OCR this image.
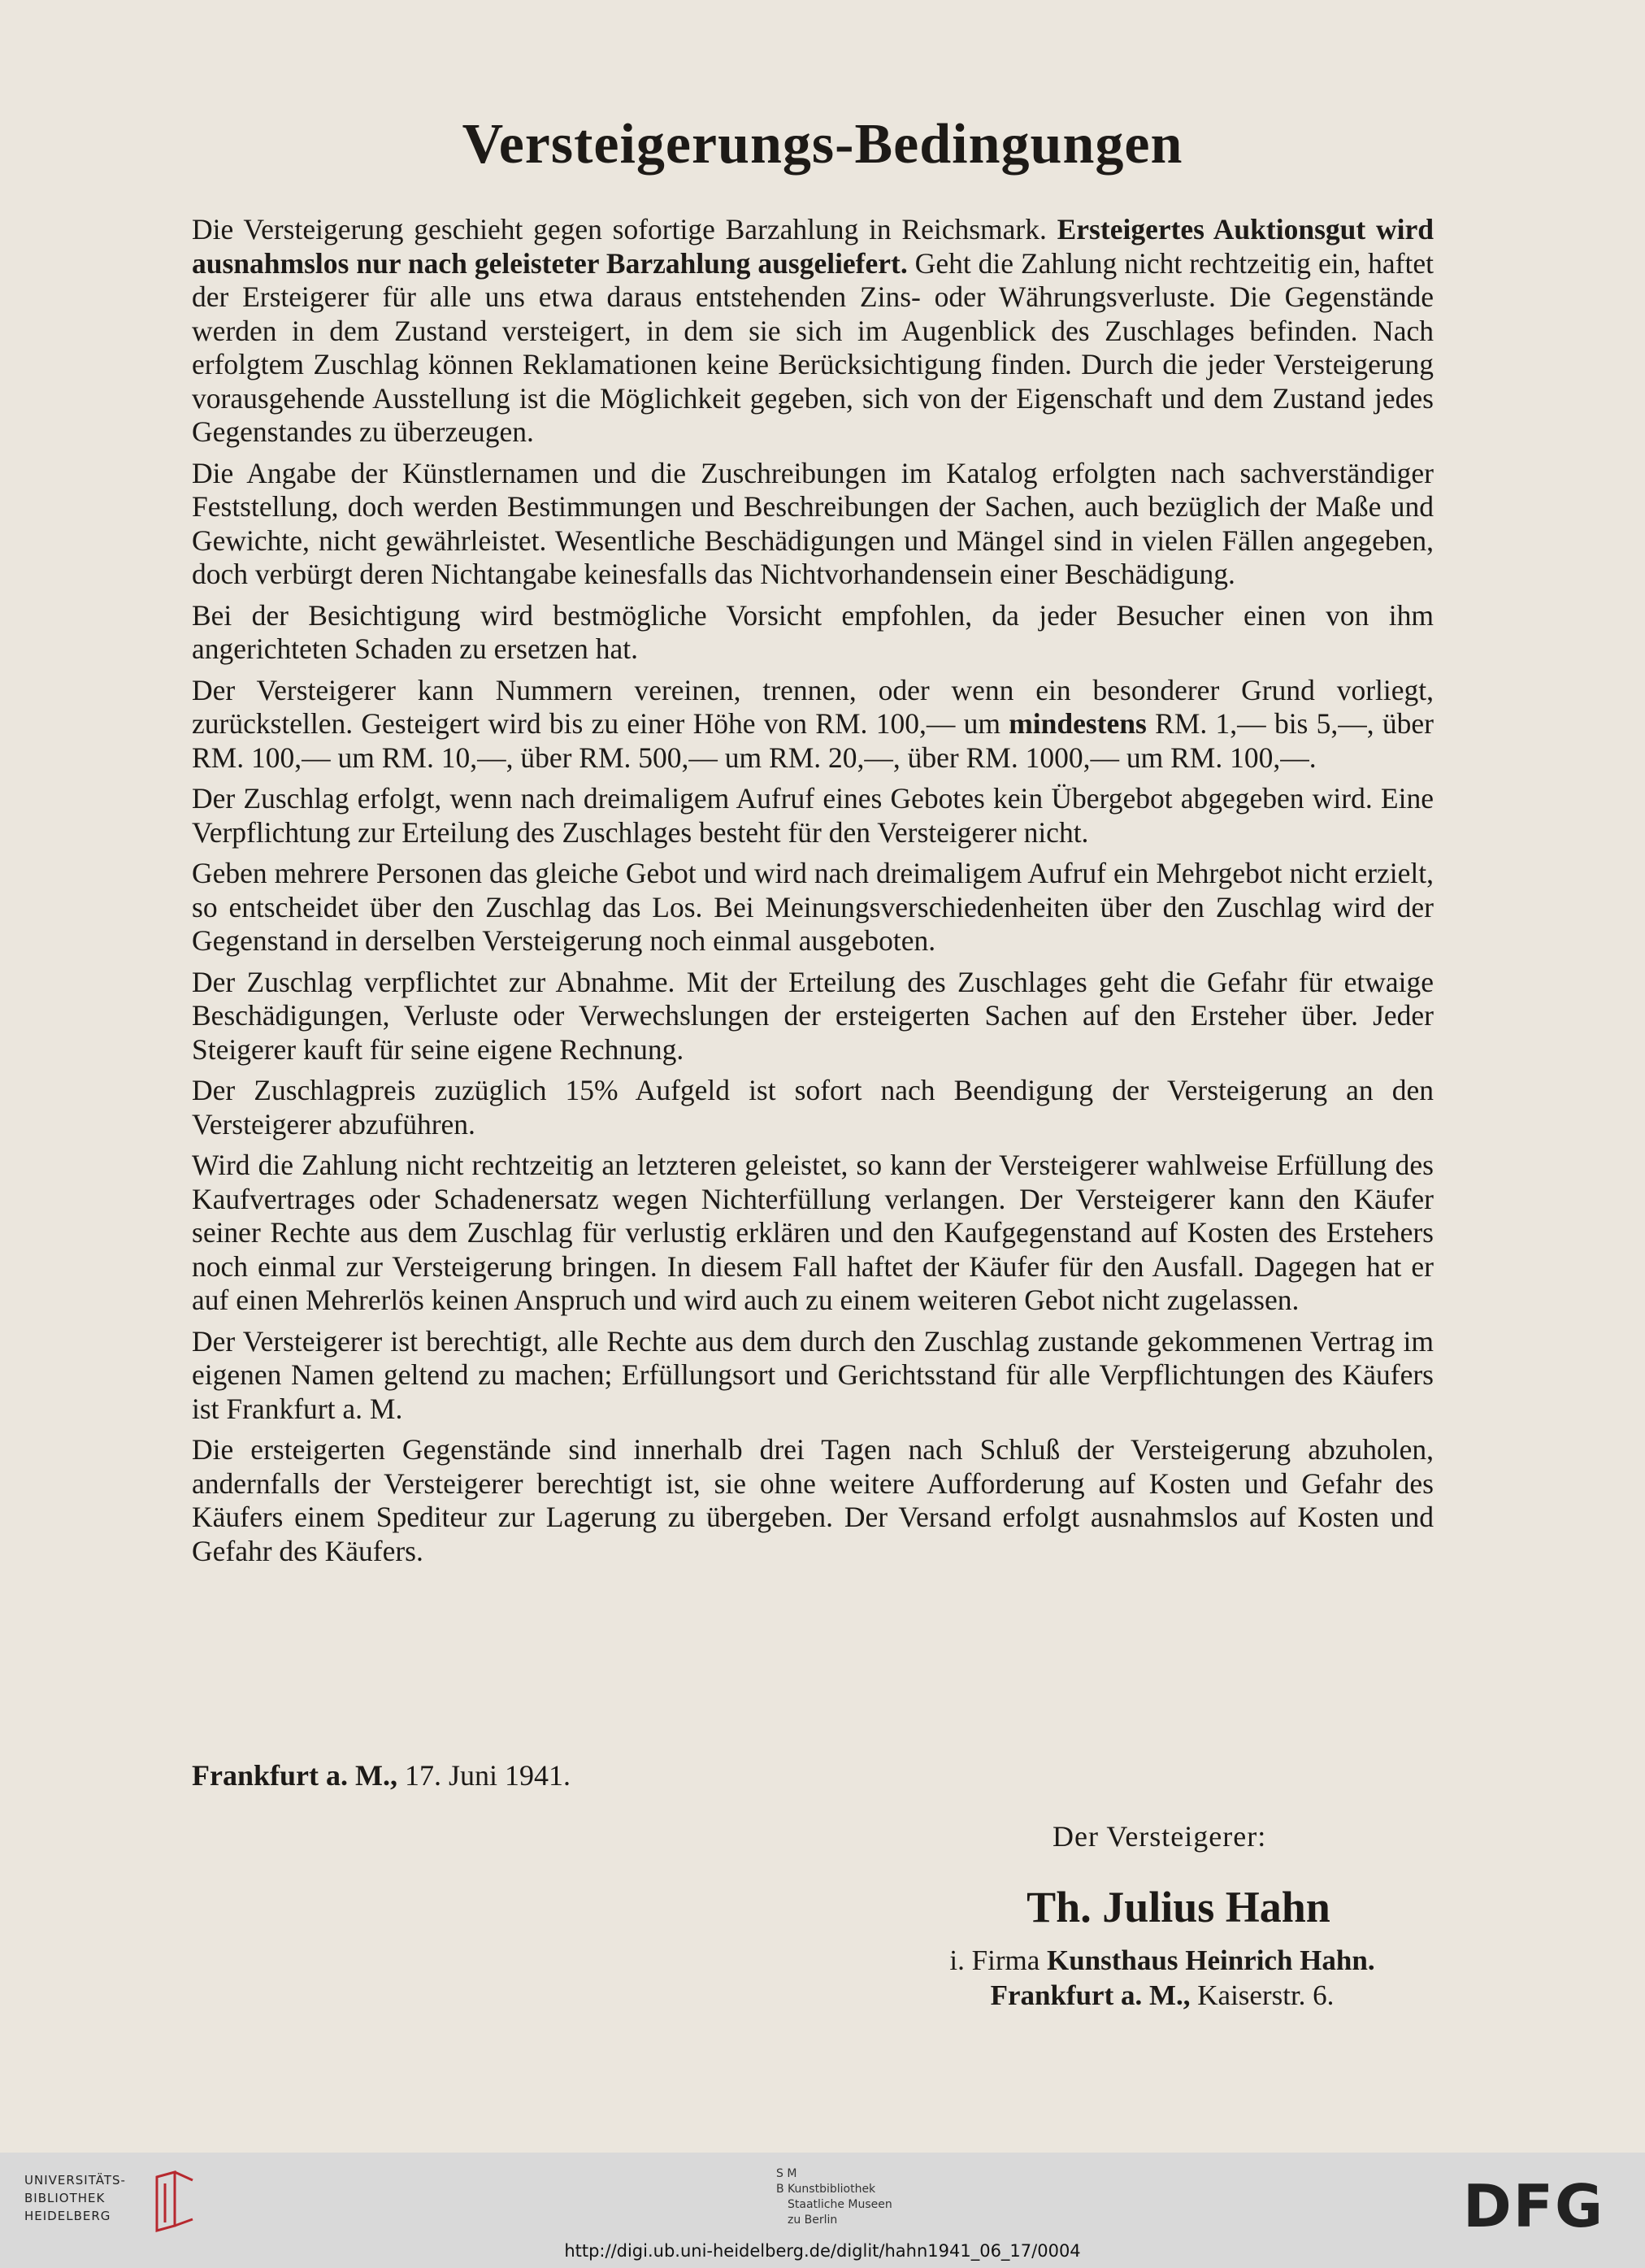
Versteigerungs-Bedingungen

Die Versteigerung geschieht gegen sofortige Barzahlung in Reichsmark. Ersteigertes Auktionsgut wird ausnahmslos nur nach geleisteter Barzahlung ausgeliefert. Geht die Zahlung nicht rechtzeitig ein, haftet der Ersteigerer für alle uns etwa daraus entstehenden Zins- oder Währungsverluste. Die Gegenstände werden in dem Zustand versteigert, in dem sie sich im Augenblick des Zuschlages befinden. Nach erfolgtem Zuschlag können Reklamationen keine Berücksichtigung finden. Durch die jeder Versteigerung vorausgehende Ausstellung ist die Möglichkeit gegeben, sich von der Eigenschaft und dem Zustand jedes Gegenstandes zu überzeugen.

Die Angabe der Künstlernamen und die Zuschreibungen im Katalog erfolgten nach sachverständiger Feststellung, doch werden Bestimmungen und Beschreibungen der Sachen, auch bezüglich der Maße und Gewichte, nicht gewährleistet. Wesentliche Beschädigungen und Mängel sind in vielen Fällen angegeben, doch verbürgt deren Nichtangabe keinesfalls das Nichtvorhandensein einer Beschädigung.

Bei der Besichtigung wird bestmögliche Vorsicht empfohlen, da jeder Besucher einen von ihm angerichteten Schaden zu ersetzen hat.

Der Versteigerer kann Nummern vereinen, trennen, oder wenn ein besonderer Grund vorliegt, zurückstellen. Gesteigert wird bis zu einer Höhe von RM. 100,— um mindestens RM. 1,— bis 5,—, über RM. 100,— um RM. 10,—, über RM. 500,— um RM. 20,—, über RM. 1000,— um RM. 100,—.

Der Zuschlag erfolgt, wenn nach dreimaligem Aufruf eines Gebotes kein Übergebot abgegeben wird. Eine Verpflichtung zur Erteilung des Zuschlages besteht für den Versteigerer nicht.

Geben mehrere Personen das gleiche Gebot und wird nach dreimaligem Aufruf ein Mehrgebot nicht erzielt, so entscheidet über den Zuschlag das Los. Bei Meinungsverschiedenheiten über den Zuschlag wird der Gegenstand in derselben Versteigerung noch einmal ausgeboten.

Der Zuschlag verpflichtet zur Abnahme. Mit der Erteilung des Zuschlages geht die Gefahr für etwaige Beschädigungen, Verluste oder Verwechslungen der ersteigerten Sachen auf den Ersteher über. Jeder Steigerer kauft für seine eigene Rechnung.

Der Zuschlagpreis zuzüglich 15% Aufgeld ist sofort nach Beendigung der Versteigerung an den Versteigerer abzuführen.

Wird die Zahlung nicht rechtzeitig an letzteren geleistet, so kann der Versteigerer wahlweise Erfüllung des Kaufvertrages oder Schadenersatz wegen Nichterfüllung verlangen. Der Versteigerer kann den Käufer seiner Rechte aus dem Zuschlag für verlustig erklären und den Kaufgegenstand auf Kosten des Erstehers noch einmal zur Versteigerung bringen. In diesem Fall haftet der Käufer für den Ausfall. Dagegen hat er auf einen Mehrerlös keinen Anspruch und wird auch zu einem weiteren Gebot nicht zugelassen.

Der Versteigerer ist berechtigt, alle Rechte aus dem durch den Zuschlag zustande gekommenen Vertrag im eigenen Namen geltend zu machen; Erfüllungsort und Gerichtsstand für alle Verpflichtungen des Käufers ist Frankfurt a. M.

Die ersteigerten Gegenstände sind innerhalb drei Tagen nach Schluß der Versteigerung abzuholen, andernfalls der Versteigerer berechtigt ist, sie ohne weitere Aufforderung auf Kosten und Gefahr des Käufers einem Spediteur zur Lagerung zu übergeben. Der Versand erfolgt ausnahmslos auf Kosten und Gefahr des Käufers.

Frankfurt a. M., 17. Juni 1941.
Der Versteigerer:
Th. Julius Hahn
i. Firma Kunsthaus Heinrich Hahn.
Frankfurt a. M., Kaiserstr. 6.
UNIVERSITÄTS-
BIBLIOTHEK
HEIDELBERG
S M
B Kunstbibliothek
Staatliche Museen
zu Berlin	DFG
http://digi.ub.uni-heidelberg.de/diglit/hahn1941_06_17/0004
